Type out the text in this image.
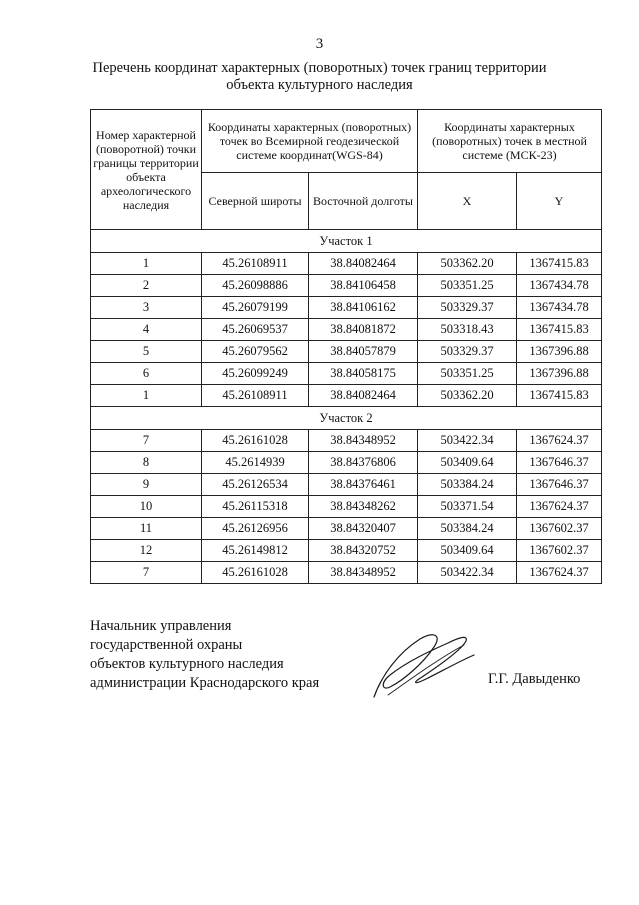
3
Перечень координат характерных (поворотных) точек границ территории
объекта культурного наследия
Номер характерной (поворотной) точки границы территории объекта археологического наследия	Координаты характерных (поворотных) точек во Всемирной геодезической системе координат(WGS-84)		Координаты характерных (поворотных) точек в местной системе (МСК-23)	
	Северной широты	Восточной долготы	X	Y
Участок 1				
1	45.26108911	38.84082464	503362.20	1367415.83
2	45.26098886	38.84106458	503351.25	1367434.78
3	45.26079199	38.84106162	503329.37	1367434.78
4	45.26069537	38.84081872	503318.43	1367415.83
5	45.26079562	38.84057879	503329.37	1367396.88
6	45.26099249	38.84058175	503351.25	1367396.88
1	45.26108911	38.84082464	503362.20	1367415.83
Участок 2				
7	45.26161028	38.84348952	503422.34	1367624.37
8	45.2614939	38.84376806	503409.64	1367646.37
9	45.26126534	38.84376461	503384.24	1367646.37
10	45.26115318	38.84348262	503371.54	1367624.37
11	45.26126956	38.84320407	503384.24	1367602.37
12	45.26149812	38.84320752	503409.64	1367602.37
7	45.26161028	38.84348952	503422.34	1367624.37
Начальник управления
государственной охраны
объектов культурного наследия
администрации Краснодарского края	Г.Г. Давыденко
